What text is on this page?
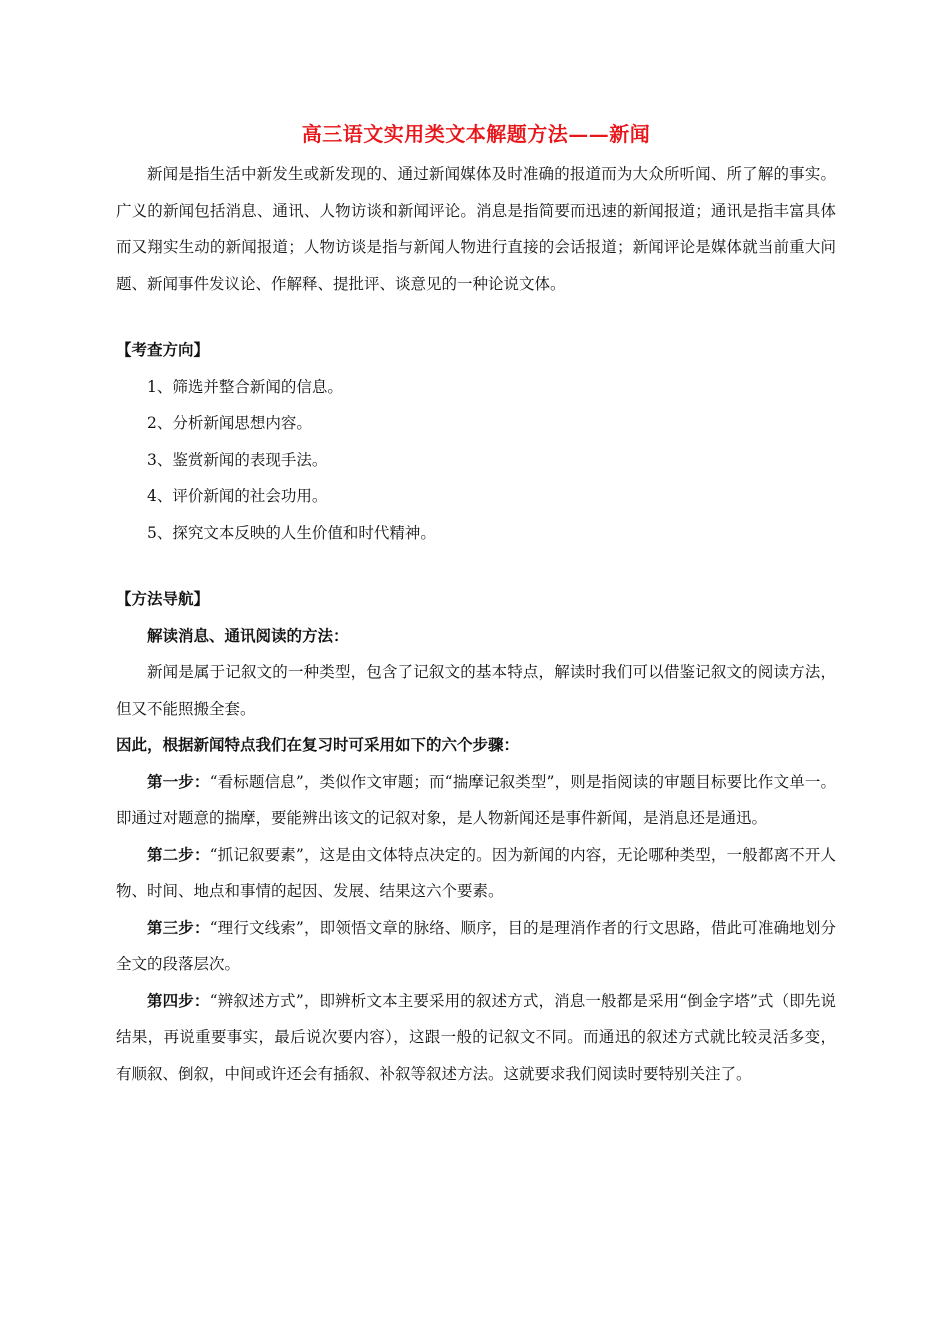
高三语文实用类文本解题方法——新闻

新闻是指生活中新发生或新发现的、通过新闻媒体及时准确的报道而为大众所听闻、所了解的事实。广义的新闻包括消息、通讯、人物访谈和新闻评论。消息是指简要而迅速的新闻报道；通讯是指丰富具体而又翔实生动的新闻报道；人物访谈是指与新闻人物进行直接的会话报道；新闻评论是媒体就当前重大问题、新闻事件发议论、作解释、提批评、谈意见的一种论说文体。

【考查方向】

1、筛选并整合新闻的信息。

2、分析新闻思想内容。

3、鉴赏新闻的表现手法。

4、评价新闻的社会功用。

5、探究文本反映的人生价值和时代精神。

【方法导航】

解读消息、通讯阅读的方法：

新闻是属于记叙文的一种类型，包含了记叙文的基本特点，解读时我们可以借鉴记叙文的阅读方法，但又不能照搬全套。

因此，根据新闻特点我们在复习时可采用如下的六个步骤：

第一步：“看标题信息”，类似作文审题；而“揣摩记叙类型”，则是指阅读的审题目标要比作文单一。即通过对题意的揣摩，要能辨出该文的记叙对象，是人物新闻还是事件新闻，是消息还是通迅。

第二步：“抓记叙要素”，这是由文体特点决定的。因为新闻的内容，无论哪种类型，一般都离不开人物、时间、地点和事情的起因、发展、结果这六个要素。

第三步：“理行文线索”，即领悟文章的脉络、顺序，目的是理消作者的行文思路，借此可准确地划分全文的段落层次。

第四步：“辨叙述方式”，即辨析文本主要采用的叙述方式，消息一般都是采用“倒金字塔”式（即先说结果，再说重要事实，最后说次要内容），这跟一般的记叙文不同。而通迅的叙述方式就比较灵活多变，有顺叙、倒叙，中间或许还会有插叙、补叙等叙述方法。这就要求我们阅读时要特别关注了。
